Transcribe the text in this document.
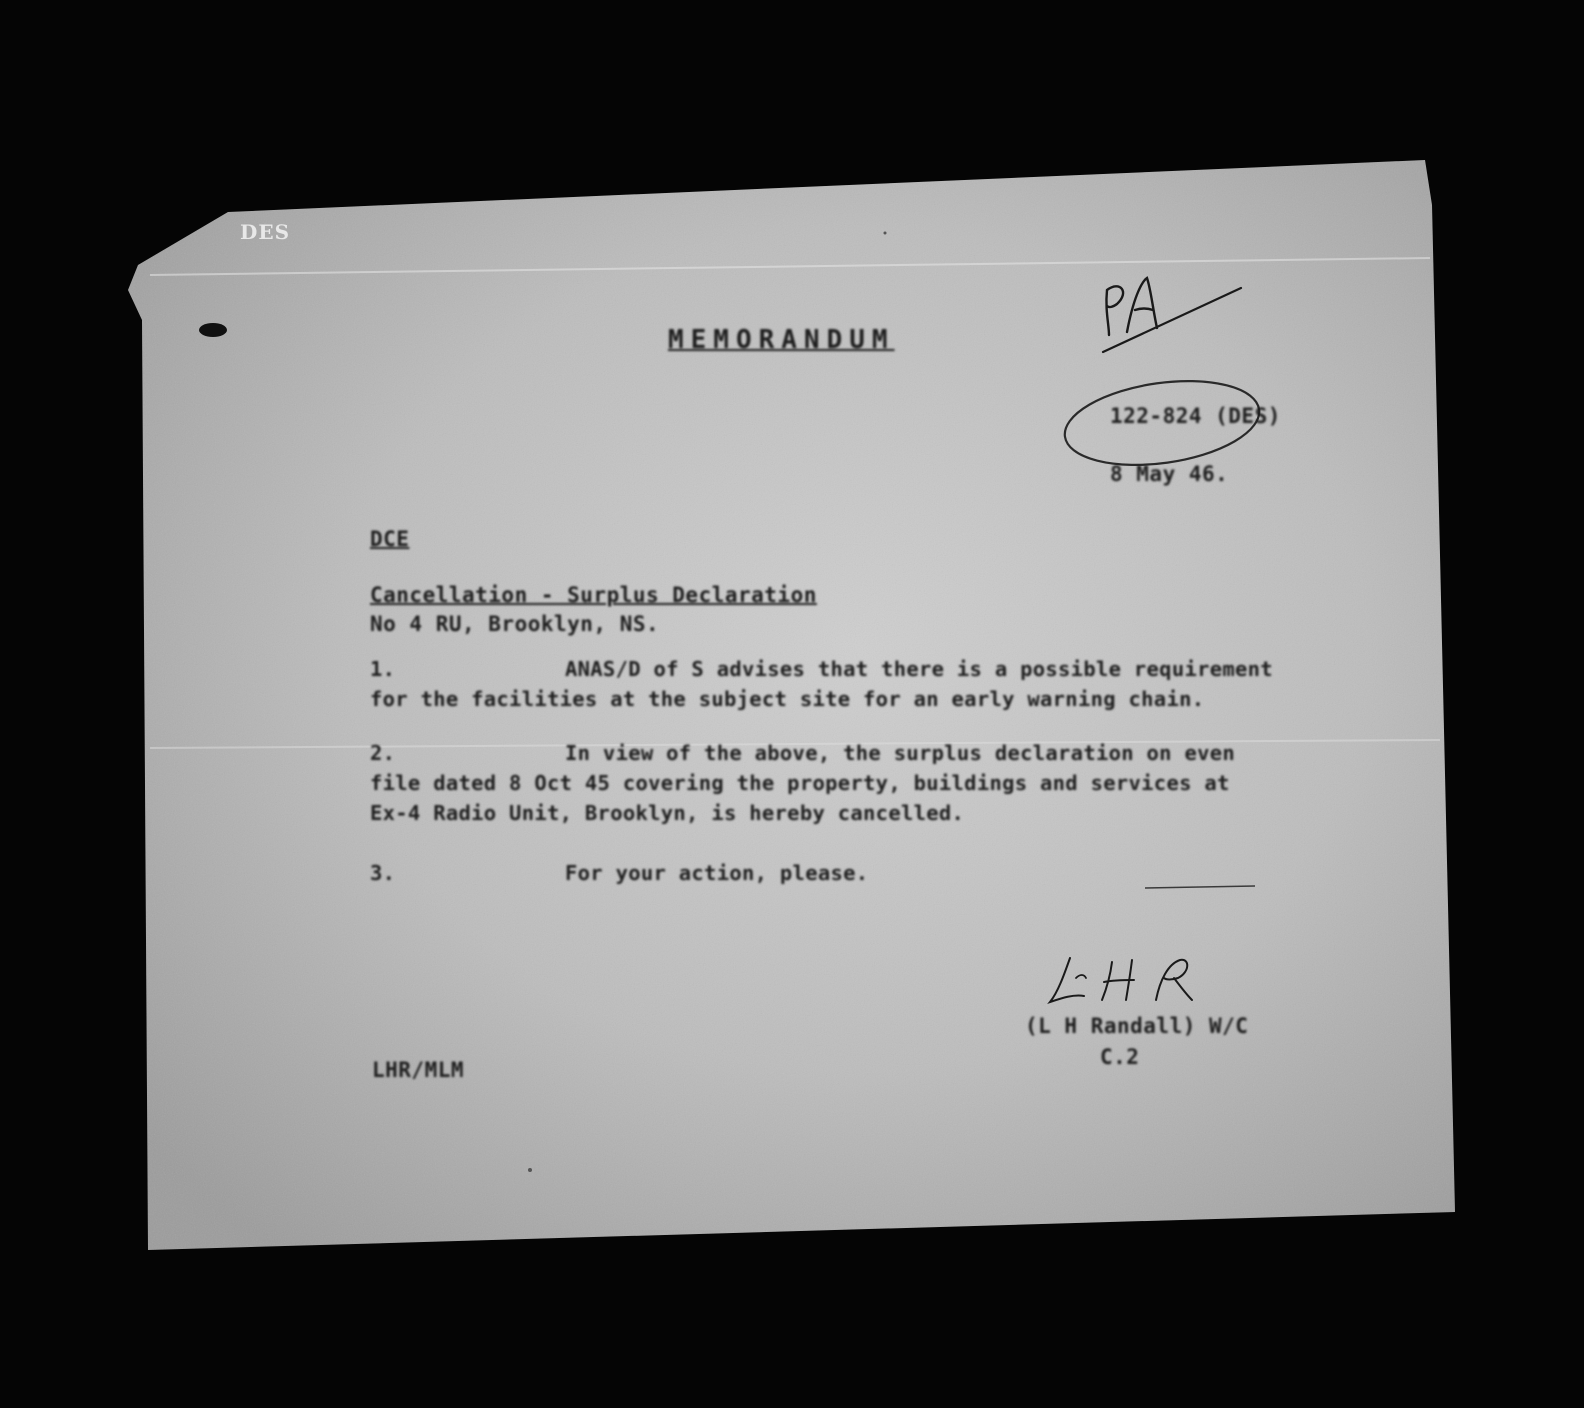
DES
MEMORANDUM
122-824 (DES)
8 May 46.
DCE
Cancellation - Surplus Declaration
No 4 RU, Brooklyn, NS.
1.	ANAS/D of S advises that there is a possible requirement
for the facilities at the subject site for an early warning chain.
2.	In view of the above, the surplus declaration on even
file dated 8 Oct 45 covering the property, buildings and services at
Ex-4 Radio Unit, Brooklyn, is hereby cancelled.
3.	For your action, please.
(L H Randall) W/C
C.2
LHR/MLM
